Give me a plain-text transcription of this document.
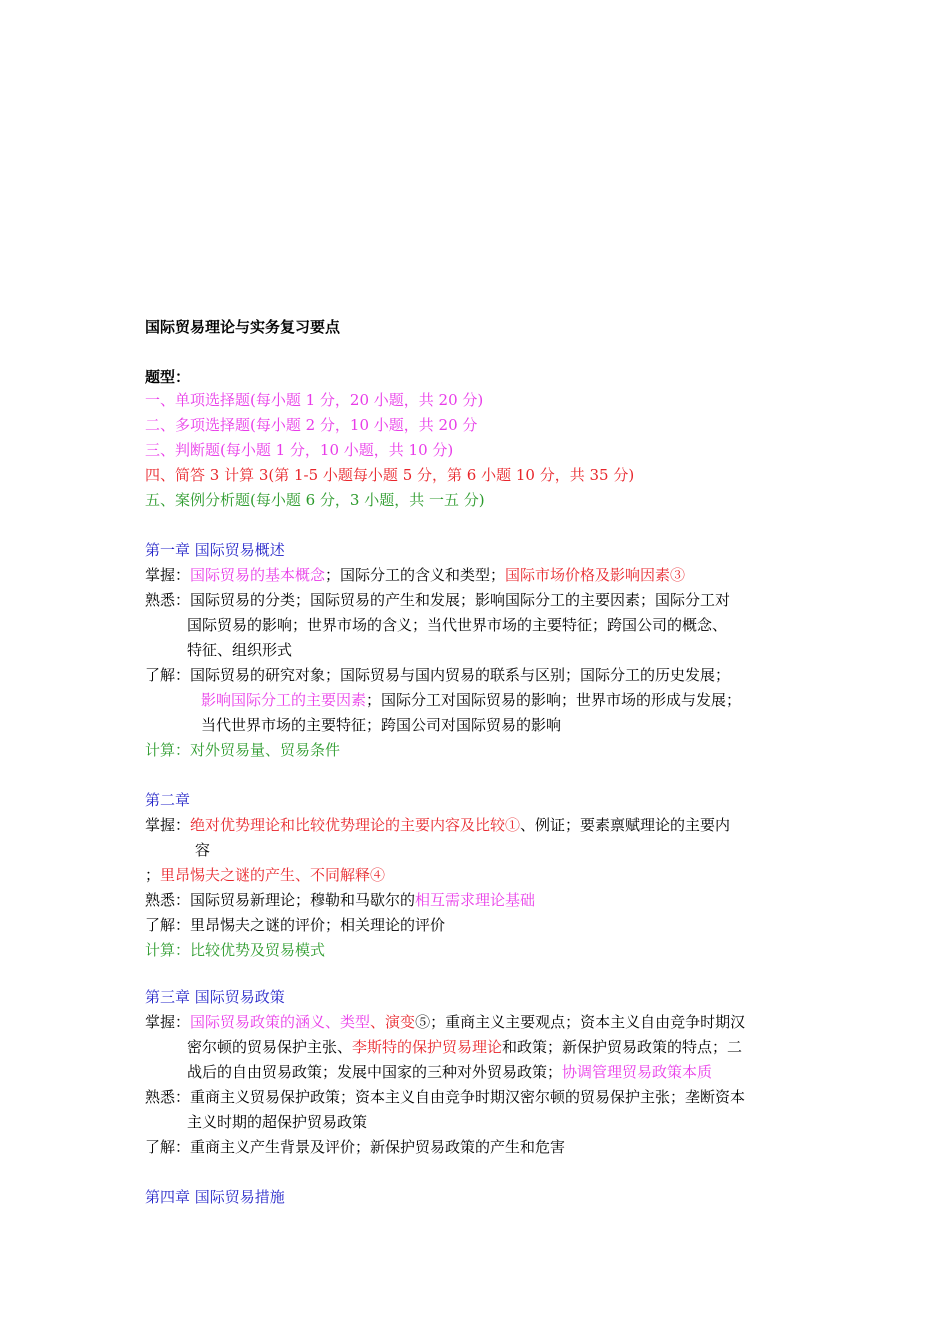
国际贸易理论与实务复习要点
题型：
一、单项选择题(每小题 1 分，20 小题，共 20 分)
二、多项选择题(每小题 2 分，10 小题，共 20 分
三、判断题(每小题 1 分，10 小题，共 10 分)
四、简答 3 计算 3(第 1-5 小题每小题 5 分，第 6 小题 10 分，共 35 分)
五、案例分析题(每小题 6 分，3 小题，共 一五 分)
第一章 国际贸易概述
掌握：国际贸易的基本概念；国际分工的含义和类型；国际市场价格及影响因素③
熟悉：国际贸易的分类；国际贸易的产生和发展；影响国际分工的主要因素；国际分工对
国际贸易的影响；世界市场的含义；当代世界市场的主要特征；跨国公司的概念、
特征、组织形式
了解：国际贸易的研究对象；国际贸易与国内贸易的联系与区别；国际分工的历史发展；
影响国际分工的主要因素；国际分工对国际贸易的影响；世界市场的形成与发展；
当代世界市场的主要特征；跨国公司对国际贸易的影响
计算：对外贸易量、贸易条件
第二章
掌握：绝对优势理论和比较优势理论的主要内容及比较①、例证；要素禀赋理论的主要内
容
；里昂惕夫之谜的产生、不同解释④
熟悉：国际贸易新理论；穆勒和马歇尔的相互需求理论基础
了解：里昂惕夫之谜的评价；相关理论的评价
计算：比较优势及贸易模式
第三章 国际贸易政策
掌握：国际贸易政策的涵义、类型、演变⑤；重商主义主要观点；资本主义自由竞争时期汉
密尔顿的贸易保护主张、李斯特的保护贸易理论和政策；新保护贸易政策的特点；二
战后的自由贸易政策；发展中国家的三种对外贸易政策；协调管理贸易政策本质
熟悉：重商主义贸易保护政策；资本主义自由竞争时期汉密尔顿的贸易保护主张；垄断资本
主义时期的超保护贸易政策
了解：重商主义产生背景及评价；新保护贸易政策的产生和危害
第四章 国际贸易措施
